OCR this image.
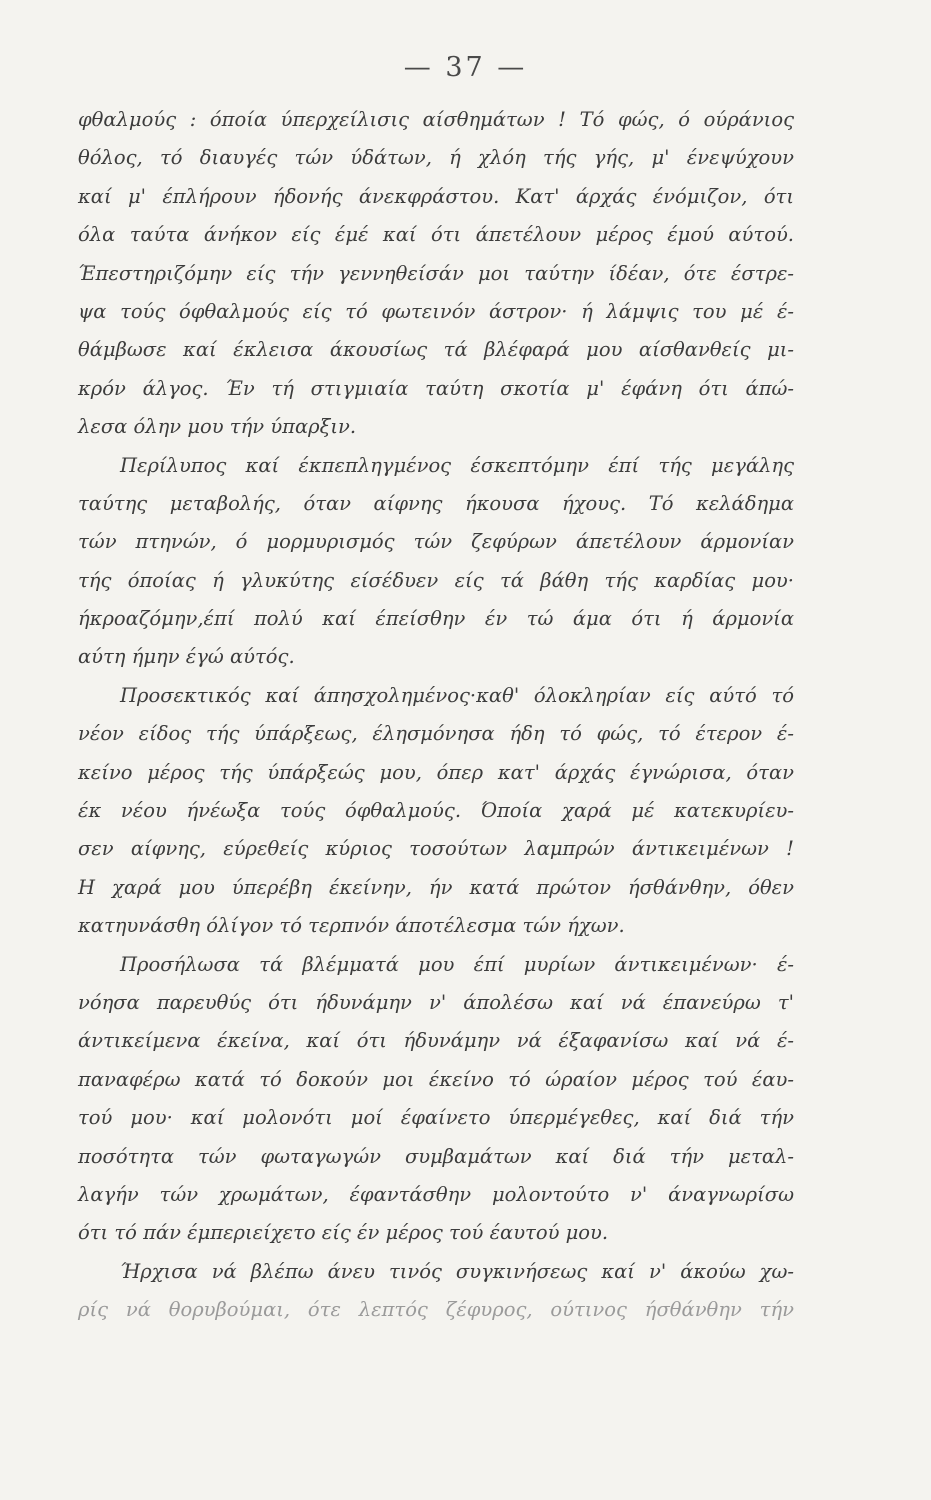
— 37 —
φθαλμούς : όποία ύπερχείλισις αίσθημάτων ! Τό φώς, ό ούράνιος
θόλος, τό διαυγές τών ύδάτων, ή χλόη τής γής, μ' ένεψύχουν
καί μ' έπλήρουν ήδονής άνεκφράστου. Κατ' άρχάς ένόμιζον, ότι
όλα ταύτα άνήκον είς έμέ καί ότι άπετέλουν μέρος έμού αύτού.
Έπεστηριζόμην είς τήν γεννηθείσάν μοι ταύτην ίδέαν, ότε έστρε-
ψα τούς όφθαλμούς είς τό φωτεινόν άστρον· ή λάμψις του μέ έ-
θάμβωσε καί έκλεισα άκουσίως τά βλέφαρά μου αίσθανθείς μι-
κρόν άλγος. Έν τή στιγμιαία ταύτη σκοτία μ' έφάνη ότι άπώ-
λεσα όλην μου τήν ύπαρξιν.
Περίλυπος καί έκπεπληγμένος έσκεπτόμην έπί τής μεγάλης
ταύτης μεταβολής, όταν αίφνης ήκουσα ήχους. Τό κελάδημα
τών πτηνών, ό μορμυρισμός τών ζεφύρων άπετέλουν άρμονίαν
τής όποίας ή γλυκύτης είσέδυεν είς τά βάθη τής καρδίας μου·
ήκροαζόμην,έπί πολύ καί έπείσθην έν τώ άμα ότι ή άρμονία
αύτη ήμην έγώ αύτός.
Προσεκτικός καί άπησχολημένος·καθ' όλοκληρίαν είς αύτό τό
νέον είδος τής ύπάρξεως, έλησμόνησα ήδη τό φώς, τό έτερον έ-
κείνο μέρος τής ύπάρξεώς μου, όπερ κατ' άρχάς έγνώρισα, όταν
έκ νέου ήνέωξα τούς όφθαλμούς. Όποία χαρά μέ κατεκυρίευ-
σεν αίφνης, εύρεθείς κύριος τοσούτων λαμπρών άντικειμένων !
Η χαρά μου ύπερέβη έκείνην, ήν κατά πρώτον ήσθάνθην, όθεν
κατηυνάσθη όλίγον τό τερπνόν άποτέλεσμα τών ήχων.
Προσήλωσα τά βλέμματά μου έπί μυρίων άντικειμένων· έ-
νόησα παρευθύς ότι ήδυνάμην ν' άπολέσω καί νά έπανεύρω τ'
άντικείμενα έκείνα, καί ότι ήδυνάμην νά έξαφανίσω καί νά έ-
παναφέρω κατά τό δοκούν μοι έκείνο τό ώραίον μέρος τού έαυ-
τού μου· καί μολονότι μοί έφαίνετο ύπερμέγεθες, καί διά τήν
ποσότητα τών φωταγωγών συμβαμάτων καί διά τήν μεταλ-
λαγήν τών χρωμάτων, έφαντάσθην μολοντούτο ν' άναγνωρίσω
ότι τό πάν έμπεριείχετο είς έν μέρος τού έαυτού μου.
Ήρχισα νά βλέπω άνευ τινός συγκινήσεως καί ν' άκούω χω-
ρίς νά θορυβούμαι, ότε λεπτός ζέφυρος, ούτινος ήσθάνθην τήν
